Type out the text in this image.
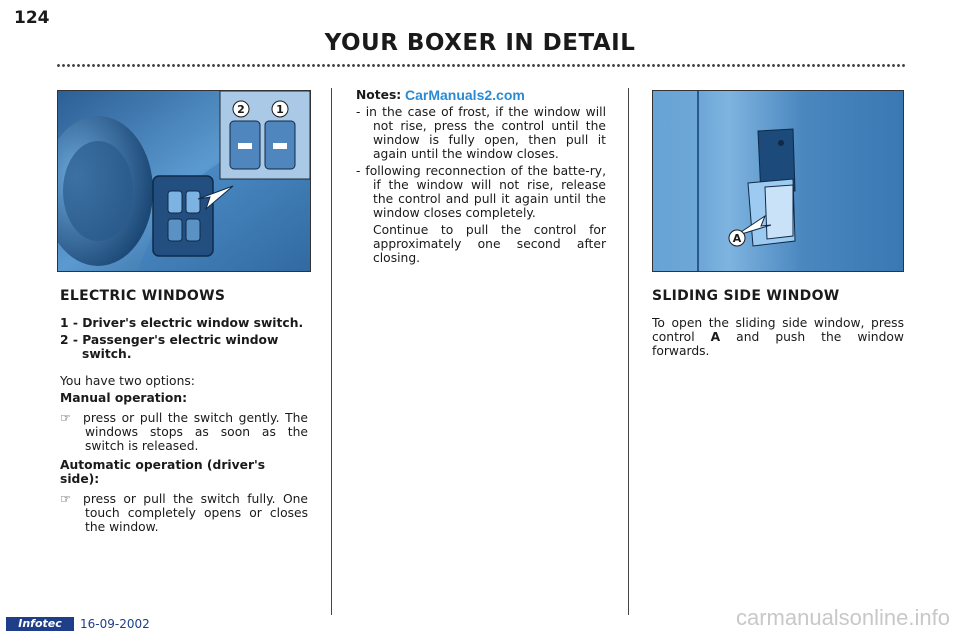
124
YOUR BOXER IN DETAIL
2	1
A
ELECTRIC WINDOWS

1 - Driver's electric window switch.

2 - Passenger's electric window switch.

You have two options:

Manual operation:

☞ press or pull the switch gently. The windows stops as soon as the switch is released.

Automatic operation (driver's side):

☞ press or pull the switch fully. One touch completely opens or closes the window.

Notes:

- in the case of frost, if the window will not rise, press the control until the window is fully open, then pull it again until the window closes.

- following reconnection of the batte-ry, if the window will not rise, release the control and pull it again until the window closes completely.

Continue to pull the control for approximately one second after closing.

SLIDING SIDE WINDOW

To open the sliding side window, press control A and push the window forwards.

CarManuals2.com
carmanualsonline.info
Infotec	16-09-2002
